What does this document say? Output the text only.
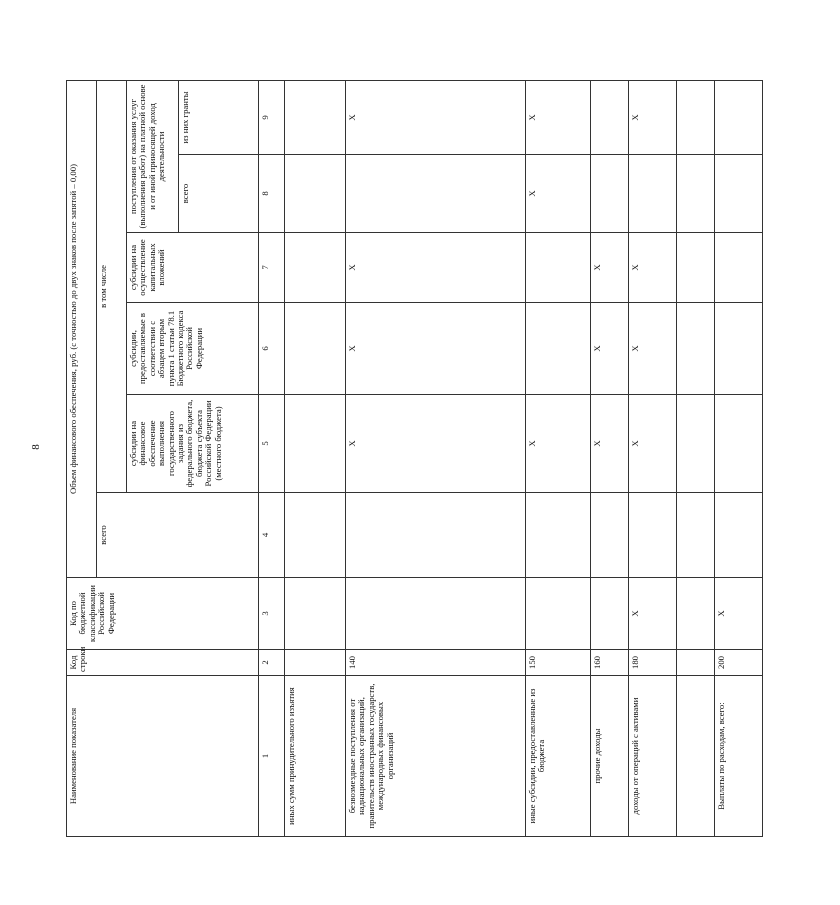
8
Наименование показателя	Код строки	Код по бюджетной классификации Российской Федерации	Объем финансового обеспечения, руб. (с точностью до двух знаков после запятой – 0,00)					
			всего	в том числе				
				субсидии на финансовое обеспечение выполнения государственного задания из федерального бюджета, бюджета субъекта Российской Федерации (местного бюджета)	субсидии, предоставляемые в соответствии с абзацем вторым пункта 1 статьи 78.1 Бюджетного кодекса Российской Федерации	субсидии на осуществление капитальных вложений	поступления от оказания услуг (выполнения работ) на платной основе и от иной приносящей доход деятельности	
							всего	из них гранты
1	2	3	4	5	6	7	8	9
иных сумм принудительного изъятия								
безвозмездные поступления от наднациональных организаций, правительств иностранных государств, международных финансовых организаций	140			X	X	X		X
иные субсидии, предоставленные из бюджета	150			X			X	X
прочие доходы	160			X	X	X		
доходы от операций с активами	180	X		X	X	X		X

Выплаты по расходам, всего:	200	X						
